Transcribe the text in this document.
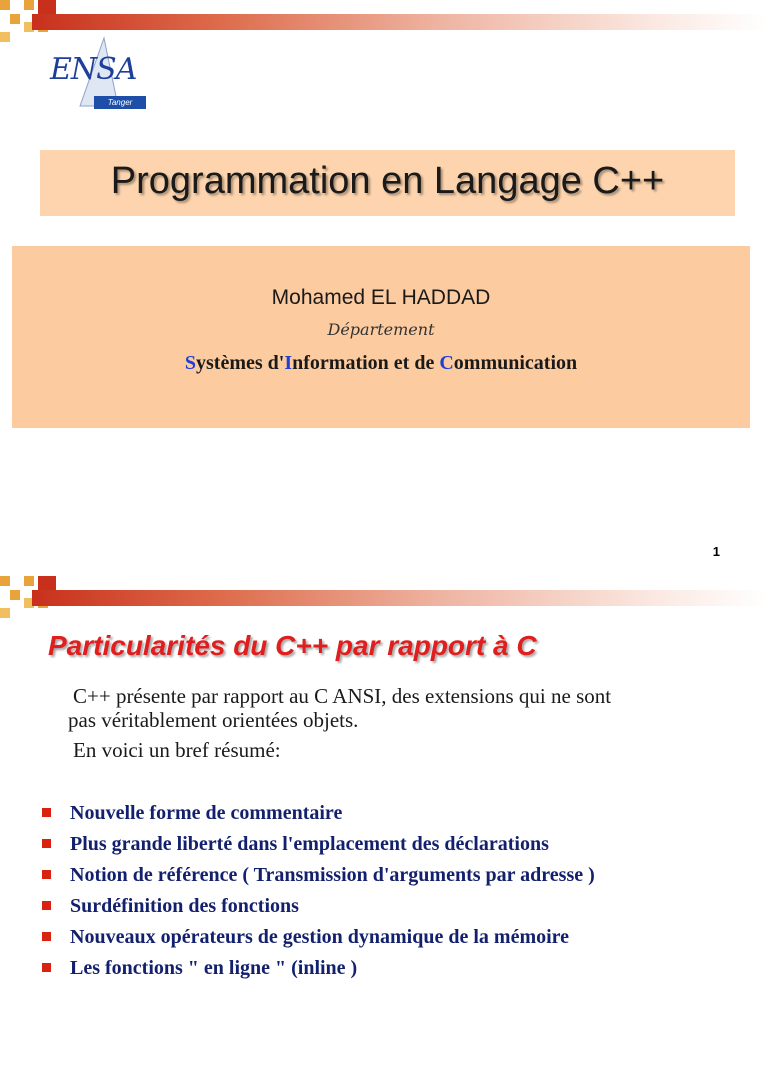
ENSA
Tanger
Programmation en Langage C++
Mohamed EL HADDAD
Département
Systèmes d'Information et de Communication
1
Particularités du C++ par rapport à C

C++ présente par rapport au C ANSI, des extensions qui ne sont

pas véritablement orientées objets.

En voici un bref résumé:

Nouvelle forme de commentaire
Plus grande liberté dans l'emplacement des déclarations
Notion de référence ( Transmission d'arguments par adresse )
Surdéfinition des fonctions
Nouveaux opérateurs de gestion dynamique de la mémoire
Les fonctions " en ligne " (inline )
